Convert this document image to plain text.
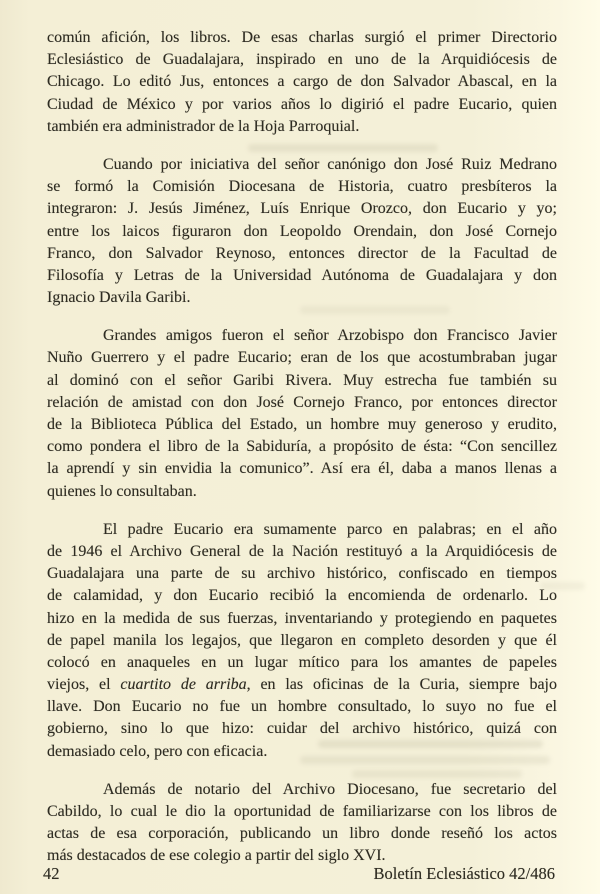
común afición, los libros. De esas charlas surgió el primer Directorio
Eclesiástico de Guadalajara, inspirado en uno de la Arquidiócesis de
Chicago. Lo editó Jus, entonces a cargo de don Salvador Abascal, en la
Ciudad de México y por varios años lo digirió el padre Eucario, quien
también era administrador de la Hoja Parroquial.
Cuando por iniciativa del señor canónigo don José Ruiz Medrano
se formó la Comisión Diocesana de Historia, cuatro presbíteros la
integraron: J. Jesús Jiménez, Luís Enrique Orozco, don Eucario y yo;
entre los laicos figuraron don Leopoldo Orendain, don José Cornejo
Franco, don Salvador Reynoso, entonces director de la Facultad de
Filosofía y Letras de la Universidad Autónoma de Guadalajara y don
Ignacio Davila Garibi.
Grandes amigos fueron el señor Arzobispo don Francisco Javier
Nuño Guerrero y el padre Eucario; eran de los que acostumbraban jugar
al dominó con el señor Garibi Rivera. Muy estrecha fue también su
relación de amistad con don José Cornejo Franco, por entonces director
de la Biblioteca Pública del Estado, un hombre muy generoso y erudito,
como pondera el libro de la Sabiduría, a propósito de ésta: “Con sencillez
la aprendí y sin envidia la comunico”. Así era él, daba a manos llenas a
quienes lo consultaban.
El padre Eucario era sumamente parco en palabras; en el año
de 1946 el Archivo General de la Nación restituyó a la Arquidiócesis de
Guadalajara una parte de su archivo histórico, confiscado en tiempos
de calamidad, y don Eucario recibió la encomienda de ordenarlo. Lo
hizo en la medida de sus fuerzas, inventariando y protegiendo en paquetes
de papel manila los legajos, que llegaron en completo desorden y que él
colocó en anaqueles en un lugar mítico para los amantes de papeles
viejos, el cuartito de arriba, en las oficinas de la Curia, siempre bajo
llave. Don Eucario no fue un hombre consultado, lo suyo no fue el
gobierno, sino lo que hizo: cuidar del archivo histórico, quizá con
demasiado celo, pero con eficacia.
Además de notario del Archivo Diocesano, fue secretario del
Cabildo, lo cual le dio la oportunidad de familiarizarse con los libros de
actas de esa corporación, publicando un libro donde reseñó los actos
más destacados de ese colegio a partir del siglo XVI.
42	Boletín Eclesiástico 42/486
